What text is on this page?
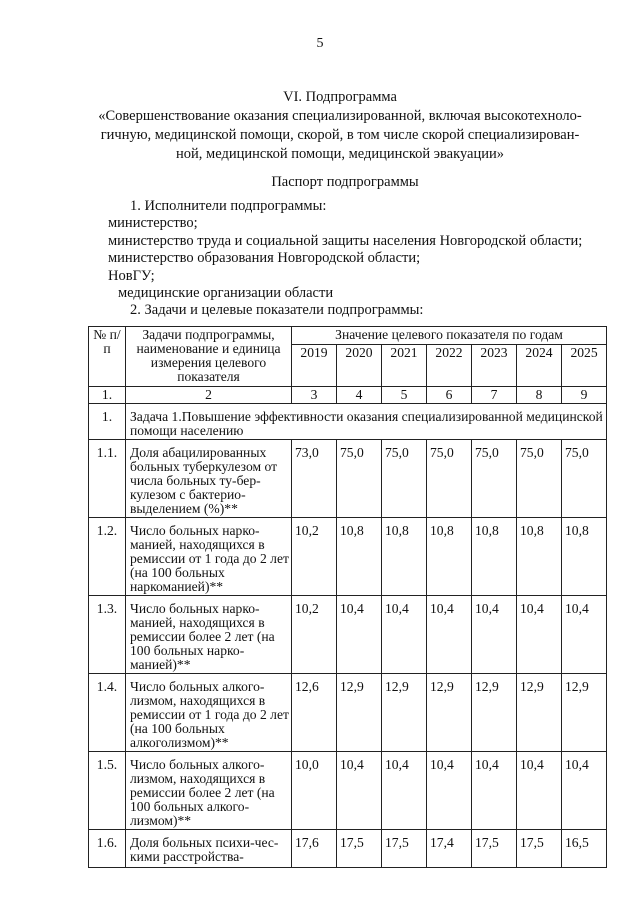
5
VI. Подпрограмма
«Совершенствование оказания специализированной, включая высокотехноло-
гичную, медицинской помощи, скорой, в том числе скорой специализирован-
ной, медицинской помощи, медицинской эвакуации»
Паспорт подпрограммы
1. Исполнители подпрограммы:
министерство;
министерство труда и социальной защиты населения Новгородской области;
министерство образования Новгородской области;
НовГУ;
медицинские организации области
2. Задачи и целевые показатели подпрограммы:
№ п/п	Задачи подпрограммы, наименование и единица измерения целевого показателя	Значение целевого показателя по годам						
		2019	2020	2021	2022	2023	2024	2025
1.	2	3	4	5	6	7	8	9
1.	Задача 1.Повышение эффективности оказания специализированной медицинской помощи населению							
1.1.	Доля абацилированных больных туберкулезом от числа больных ту-бер-кулезом с бактерио-выделением (%)**	73,0	75,0	75,0	75,0	75,0	75,0	75,0
1.2.	Число больных нарко-манией, находящихся в ремиссии от 1 года до 2 лет (на 100 больных наркоманией)**	10,2	10,8	10,8	10,8	10,8	10,8	10,8
1.3.	Число больных нарко-манией, находящихся в ремиссии более 2 лет (на 100 больных нарко-манией)**	10,2	10,4	10,4	10,4	10,4	10,4	10,4
1.4.	Число больных алкого-лизмом, находящихся в ремиссии от 1 года до 2 лет (на 100 больных алкоголизмом)**	12,6	12,9	12,9	12,9	12,9	12,9	12,9
1.5.	Число больных алкого-лизмом, находящихся в ремиссии более 2 лет (на 100 больных алкого-лизмом)**	10,0	10,4	10,4	10,4	10,4	10,4	10,4
1.6.	Доля больных психи-чес-кими расстройства-	17,6	17,5	17,5	17,4	17,5	17,5	16,5
